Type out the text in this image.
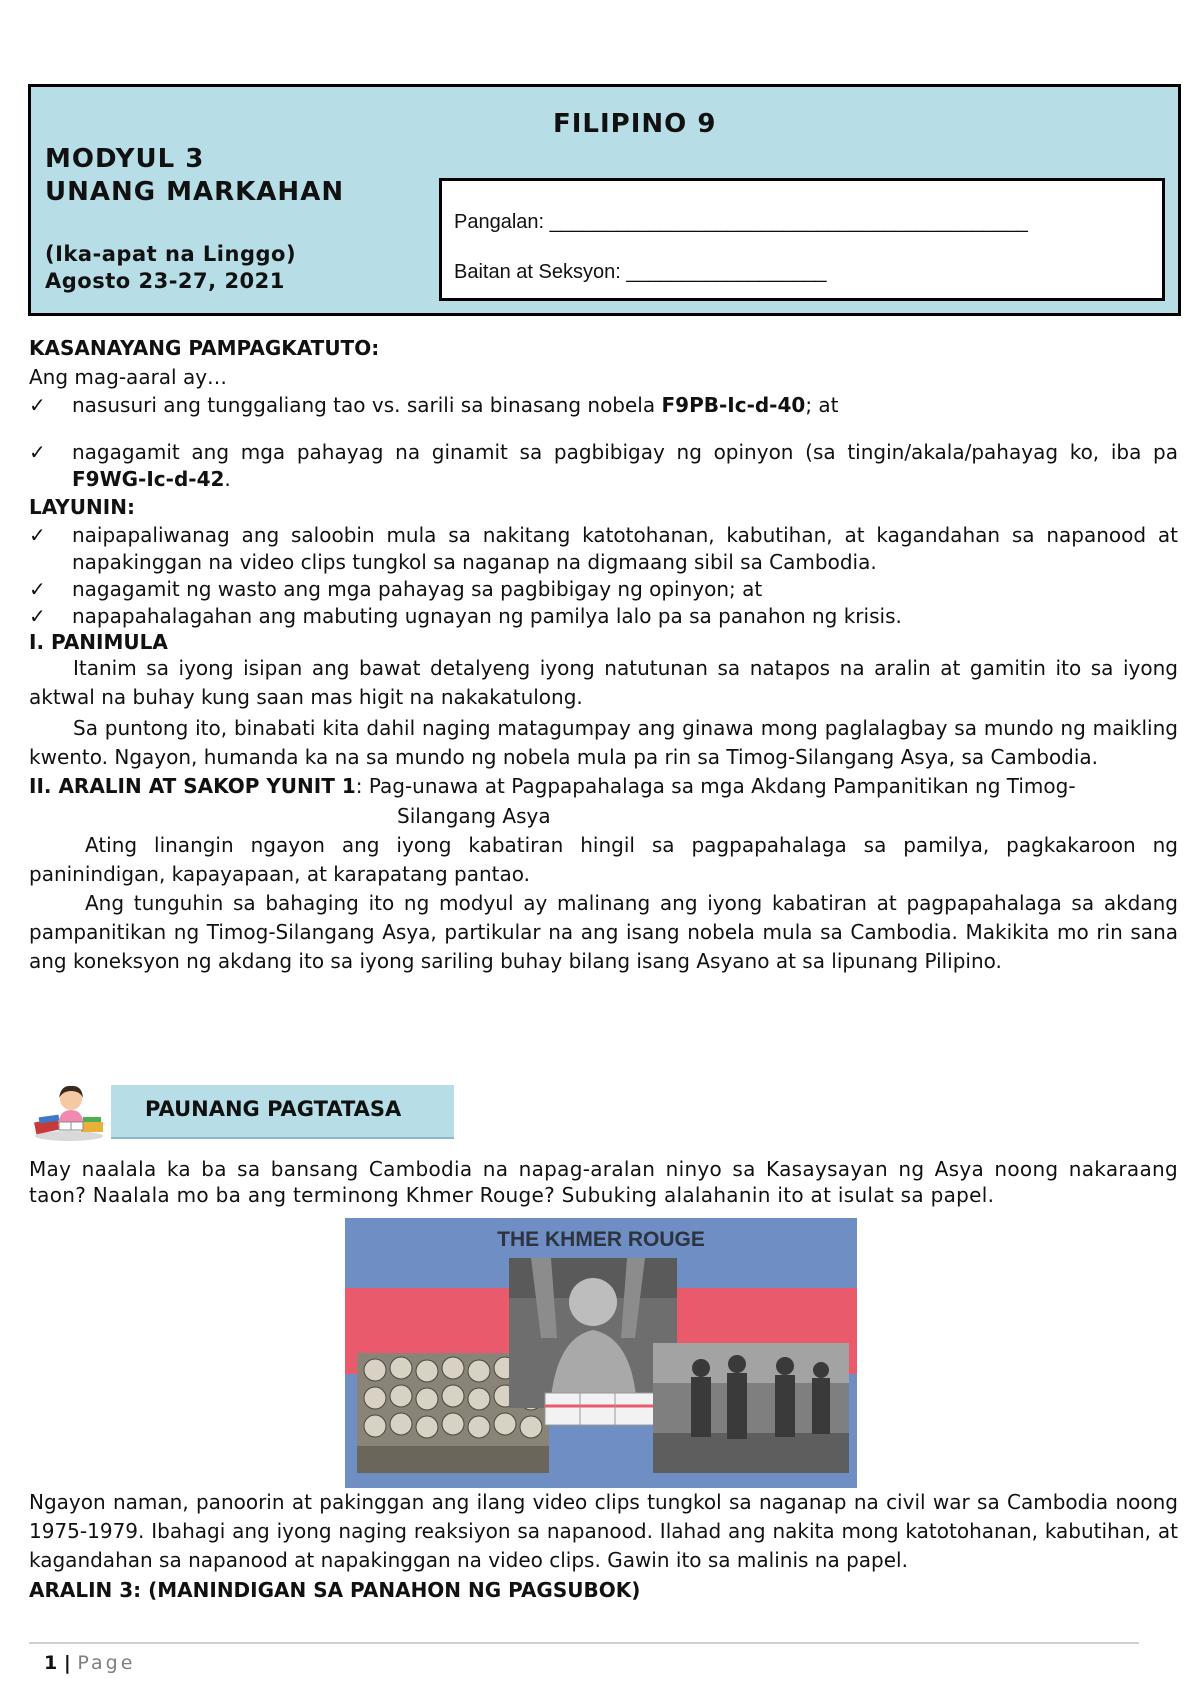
FILIPINO 9
MODYUL 3
UNANG MARKAHAN
(Ika-apat na Linggo)
Agosto 23-27, 2021
Pangalan: ___________________________________________
Baitan at Seksyon: __________________
KASANAYANG PAMPAGKATUTO:
Ang mag-aaral ay…
✓ nasusuri ang tunggaliang tao vs. sarili sa binasang nobela F9PB-Ic-d-40; at
✓ nagagamit ang mga pahayag na ginamit sa pagbibigay ng opinyon (sa tingin/akala/pahayag ko, iba pa F9WG-Ic-d-42.
LAYUNIN:
✓ naipapaliwanag ang saloobin mula sa nakitang katotohanan, kabutihan, at kagandahan sa napanood at napakinggan na video clips tungkol sa naganap na digmaang sibil sa Cambodia.
✓ nagagamit ng wasto ang mga pahayag sa pagbibigay ng opinyon; at
✓ napapahalagahan ang mabuting ugnayan ng pamilya lalo pa sa panahon ng krisis.
I. PANIMULA
Itanim sa iyong isipan ang bawat detalyeng iyong natutunan sa natapos na aralin at gamitin ito sa iyong aktwal na buhay kung saan mas higit na nakakatulong.
Sa puntong ito, binabati kita dahil naging matagumpay ang ginawa mong paglalagbay sa mundo ng maikling kwento. Ngayon, humanda ka na sa mundo ng nobela mula pa rin sa Timog-Silangang Asya, sa Cambodia.
II. ARALIN AT SAKOP YUNIT 1: Pag-unawa at Pagpapahalaga sa mga Akdang Pampanitikan ng Timog-
Silangang Asya
Ating linangin ngayon ang iyong kabatiran hingil sa pagpapahalaga sa pamilya, pagkakaroon ng paninindigan, kapayapaan, at karapatang pantao.
Ang tunguhin sa bahaging ito ng modyul ay malinang ang iyong kabatiran at pagpapahalaga sa akdang pampanitikan ng Timog-Silangang Asya, partikular na ang isang nobela mula sa Cambodia. Makikita mo rin sana ang koneksyon ng akdang ito sa iyong sariling buhay bilang isang Asyano at sa lipunang Pilipino.
PAUNANG PAGTATASA
May naalala ka ba sa bansang Cambodia na napag-aralan ninyo sa Kasaysayan ng Asya noong nakaraang taon? Naalala mo ba ang terminong Khmer Rouge? Subuking alalahanin ito at isulat sa papel.
THE KHMER ROUGE
Ngayon naman, panoorin at pakinggan ang ilang video clips tungkol sa naganap na civil war sa Cambodia noong 1975-1979. Ibahagi ang iyong naging reaksiyon sa napanood. Ilahad ang nakita mong katotohanan, kabutihan, at kagandahan sa napanood at napakinggan na video clips. Gawin ito sa malinis na papel.
ARALIN 3: (MANINDIGAN SA PANAHON NG PAGSUBOK)
1 | Page
